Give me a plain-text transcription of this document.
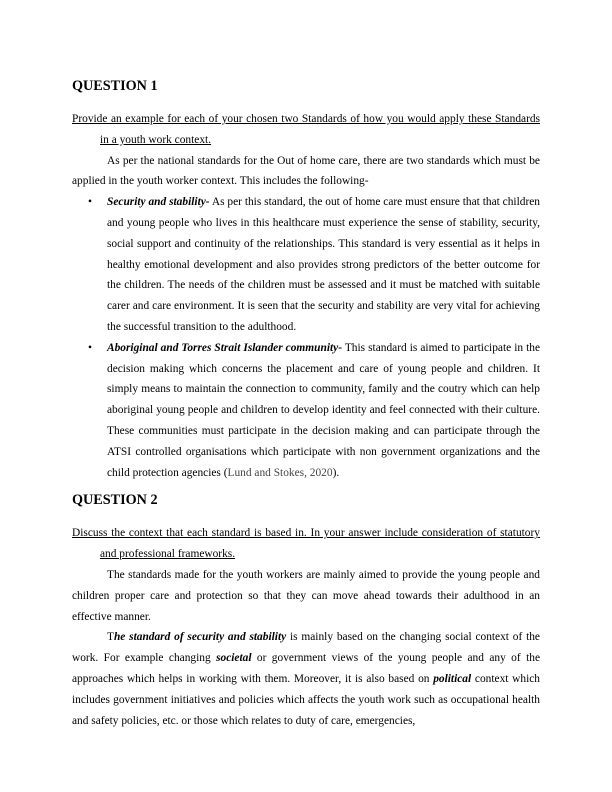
QUESTION 1

Provide an example for each of your chosen two Standards of how you would apply these Standards in a youth work context.

As per the national standards for the Out of home care, there are two standards which must be applied in the youth worker context. This includes the following-

• Security and stability- As per this standard, the out of home care must ensure that that children and young people who lives in this healthcare must experience the sense of stability, security, social support and continuity of the relationships. This standard is very essential as it helps in healthy emotional development and also provides strong predictors of the better outcome for the children. The needs of the children must be assessed and it must be matched with suitable carer and care environment. It is seen that the security and stability are very vital for achieving the successful transition to the adulthood.
• Aboriginal and Torres Strait Islander community- This standard is aimed to participate in the decision making which concerns the placement and care of young people and children. It simply means to maintain the connection to community, family and the coutry which can help aboriginal young people and children to develop identity and feel connected with their culture. These communities must participate in the decision making and can participate through the ATSI controlled organisations which participate with non government organizations and the child protection agencies (Lund and Stokes, 2020).
QUESTION 2

Discuss the context that each standard is based in. In your answer include consideration of statutory and professional frameworks.

The standards made for the youth workers are mainly aimed to provide the young people and children proper care and protection so that they can move ahead towards their adulthood in an effective manner.

The standard of security and stability is mainly based on the changing social context of the work. For example changing societal or government views of the young people and any of the approaches which helps in working with them. Moreover, it is also based on political context which includes government initiatives and policies which affects the youth work such as occupational health and safety policies, etc. or those which relates to duty of care, emergencies,
